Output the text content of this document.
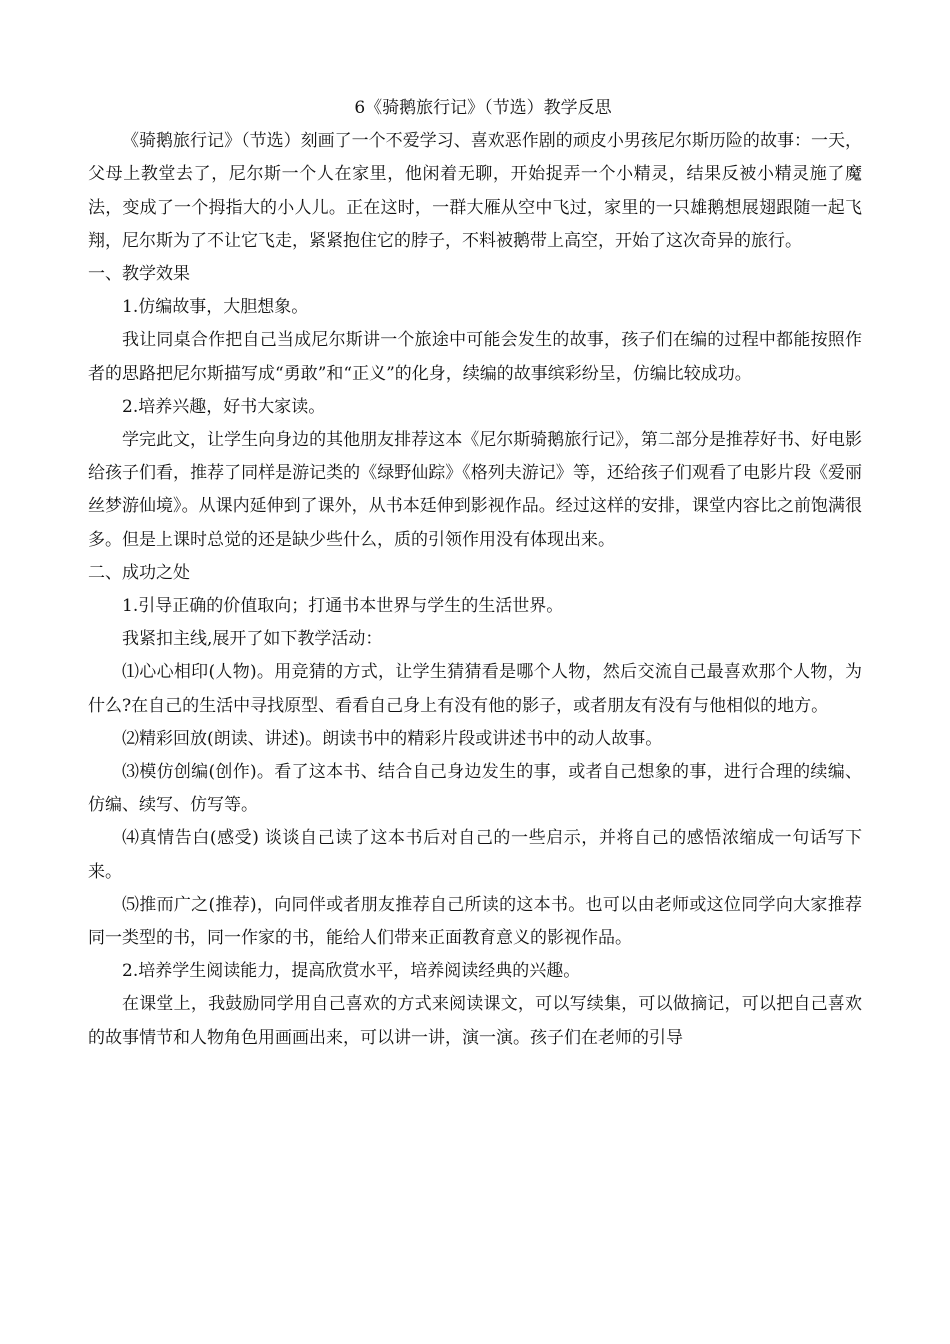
6《骑鹅旅行记》（节选）教学反思

《骑鹅旅行记》（节选）刻画了一个不爱学习、喜欢恶作剧的顽皮小男孩尼尔斯历险的故事：一天，父母上教堂去了，尼尔斯一个人在家里，他闲着无聊，开始捉弄一个小精灵，结果反被小精灵施了魔法，变成了一个拇指大的小人儿。正在这时，一群大雁从空中飞过，家里的一只雄鹅想展翅跟随一起飞翔，尼尔斯为了不让它飞走，紧紧抱住它的脖子，不料被鹅带上高空，开始了这次奇异的旅行。

一、教学效果

1.仿编故事，大胆想象。

我让同桌合作把自己当成尼尔斯讲一个旅途中可能会发生的故事，孩子们在编的过程中都能按照作者的思路把尼尔斯描写成“勇敢”和“正义”的化身，续编的故事缤彩纷呈，仿编比较成功。

2.培养兴趣，好书大家读。

学完此文，让学生向身边的其他朋友排荐这本《尼尔斯骑鹅旅行记》，第二部分是推荐好书、好电影给孩子们看，推荐了同样是游记类的《绿野仙踪》《格列夫游记》等，还给孩子们观看了电影片段《爱丽丝梦游仙境》。从课内延伸到了课外，从书本廷伸到影视作品。经过这样的安排，课堂内容比之前饱满很多。但是上课时总觉的还是缺少些什么，质的引领作用没有体现出来。

二、成功之处

1.引导正确的价值取向；打通书本世界与学生的生活世界。

我紧扣主线,展开了如下教学活动：

⑴心心相印(人物)。用竞猜的方式，让学生猜猜看是哪个人物，然后交流自己最喜欢那个人物，为什么?在自己的生活中寻找原型、看看自己身上有没有他的影子，或者朋友有没有与他相似的地方。

⑵精彩回放(朗读、讲述)。朗读书中的精彩片段或讲述书中的动人故事。

⑶模仿创编(创作)。看了这本书、结合自己身边发生的事，或者自己想象的事，进行合理的续编、仿编、续写、仿写等。

⑷真情告白(感受) 谈谈自己读了这本书后对自己的一些启示，并将自己的感悟浓缩成一句话写下来。

⑸推而广之(推荐)，向同伴或者朋友推荐自己所读的这本书。也可以由老师或这位同学向大家推荐同一类型的书，同一作家的书，能给人们带来正面教育意义的影视作品。

2.培养学生阅读能力，提高欣赏水平，培养阅读经典的兴趣。

在课堂上，我鼓励同学用自己喜欢的方式来阅读课文，可以写续集，可以做摘记，可以把自己喜欢的故事情节和人物角色用画画出来，可以讲一讲，演一演。孩子们在老师的引导
